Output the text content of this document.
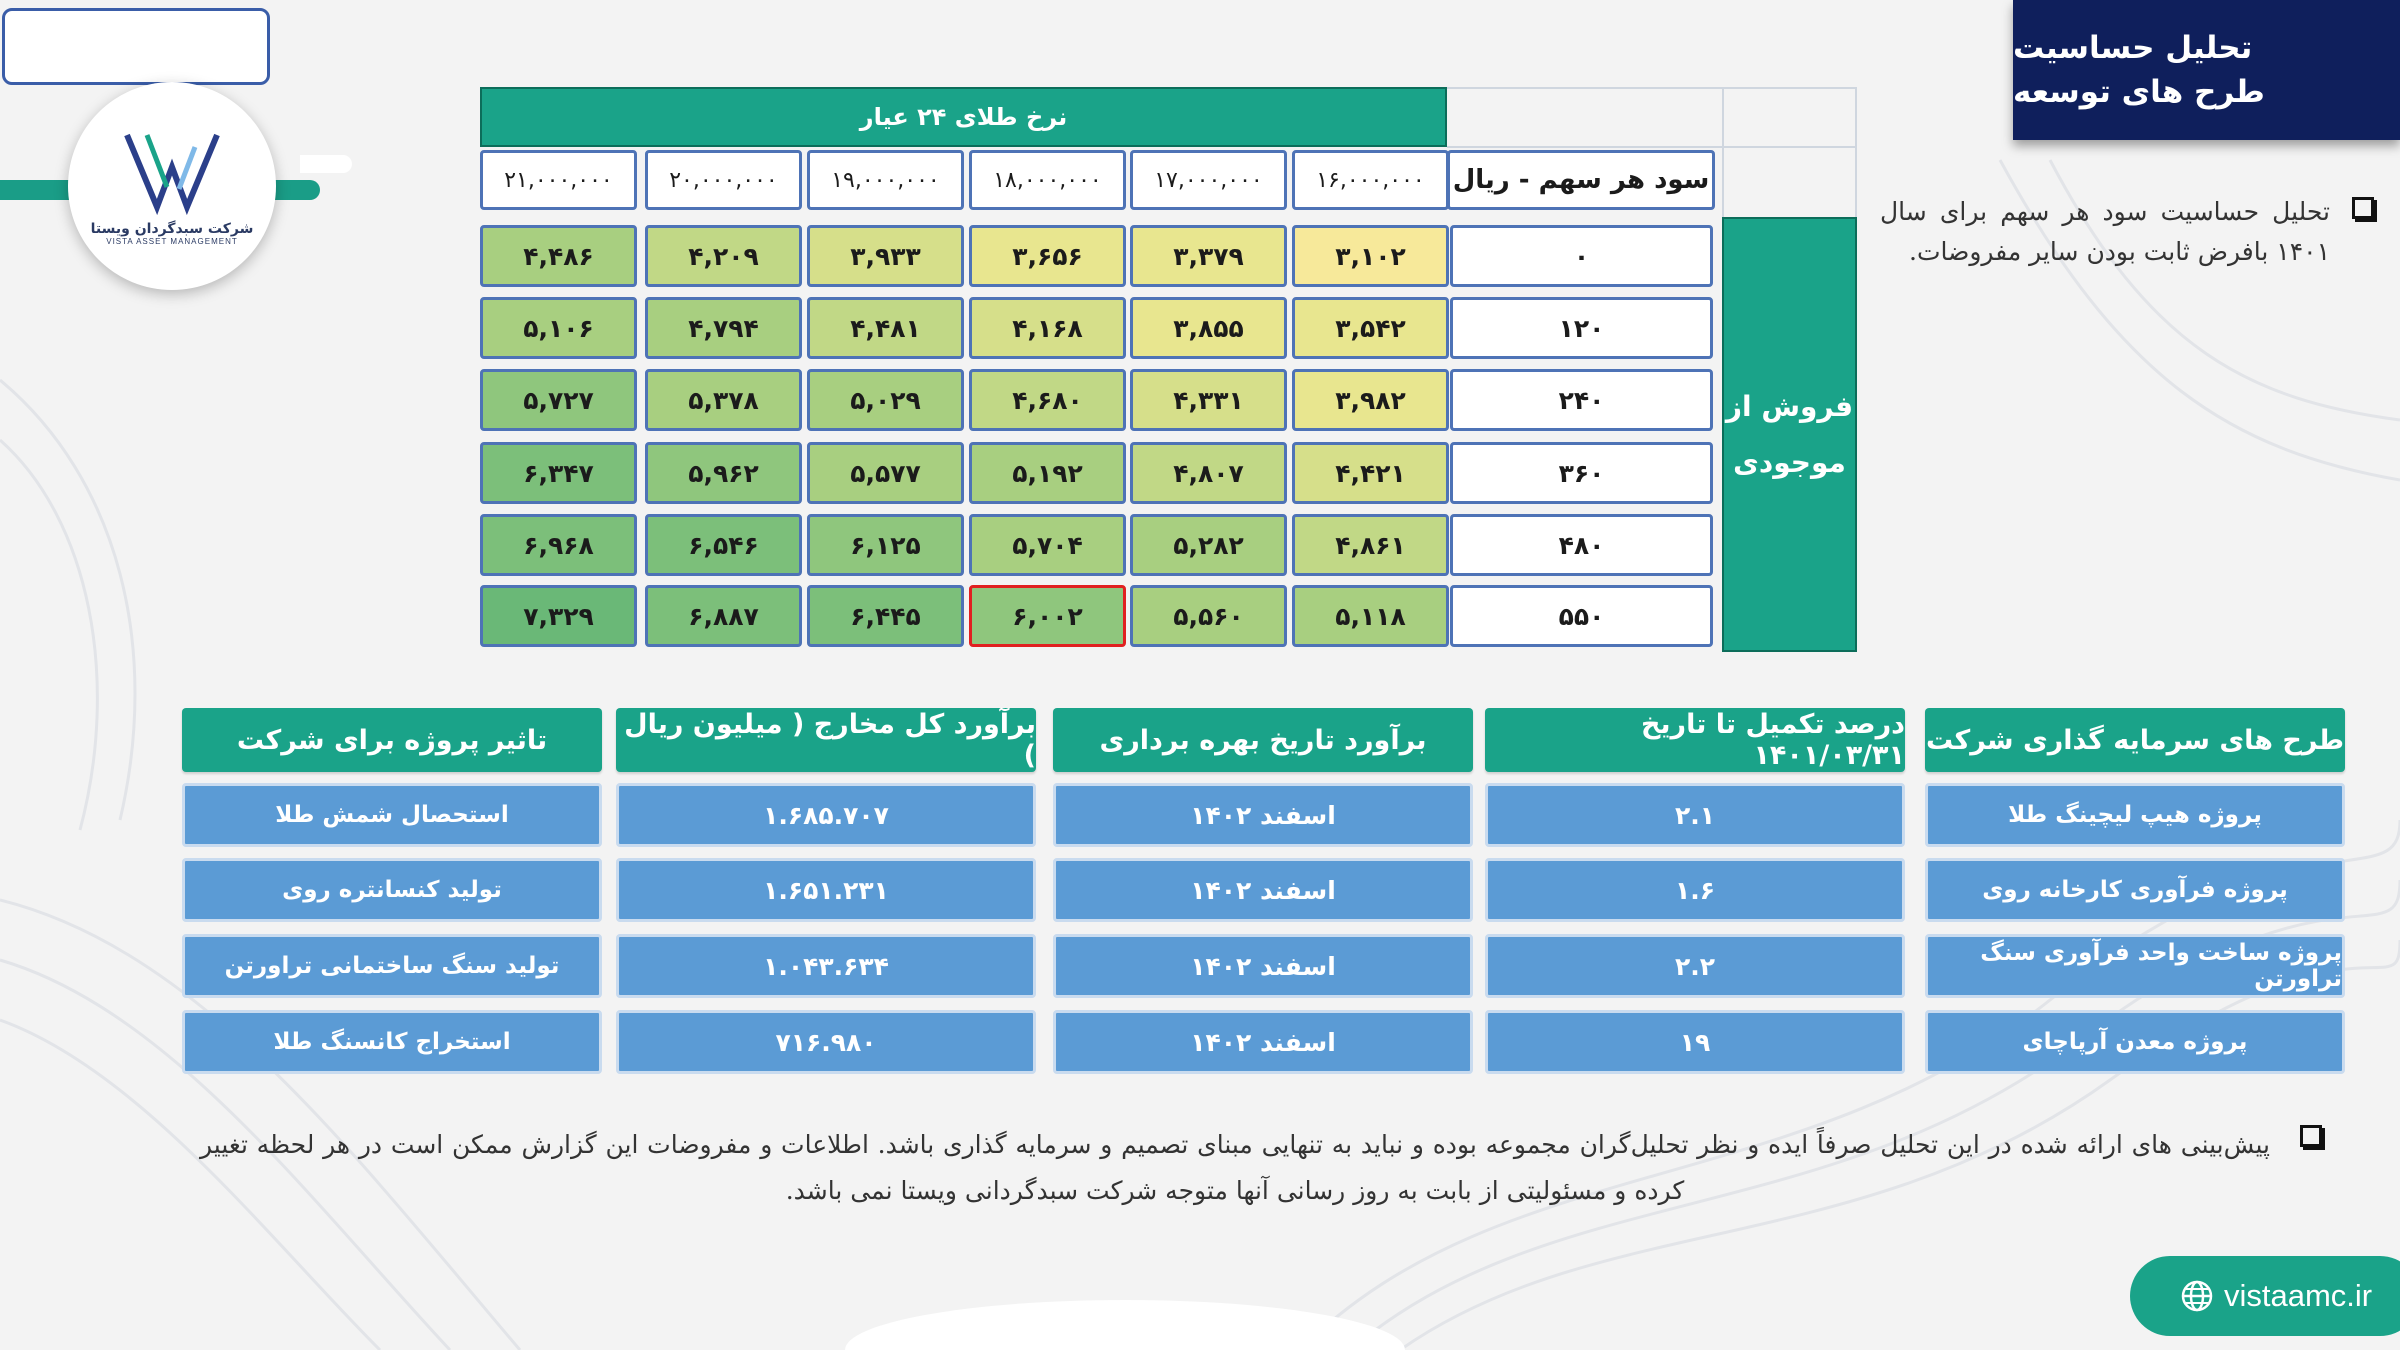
شرکت سبدگردان ویستا
VISTA ASSET MANAGEMENT
تحلیل حساسیت
طرح های توسعه
تحلیل حساسیت سود هر سهم برای سال ۱۴۰۱ بافرض ثابت بودن سایر مفروضات.
نرخ طلای ۲۴ عیار
فروش از
موجودی
سود هر سهم - ریال
۱۶,۰۰۰,۰۰۰
۱۷,۰۰۰,۰۰۰
۱۸,۰۰۰,۰۰۰
۱۹,۰۰۰,۰۰۰
۲۰,۰۰۰,۰۰۰
۲۱,۰۰۰,۰۰۰
۰
۳,۱۰۲
۳,۳۷۹
۳,۶۵۶
۳,۹۳۳
۴,۲۰۹
۴,۴۸۶
۱۲۰
۳,۵۴۲
۳,۸۵۵
۴,۱۶۸
۴,۴۸۱
۴,۷۹۴
۵,۱۰۶
۲۴۰
۳,۹۸۲
۴,۳۳۱
۴,۶۸۰
۵,۰۲۹
۵,۳۷۸
۵,۷۲۷
۳۶۰
۴,۴۲۱
۴,۸۰۷
۵,۱۹۲
۵,۵۷۷
۵,۹۶۲
۶,۳۴۷
۴۸۰
۴,۸۶۱
۵,۲۸۲
۵,۷۰۴
۶,۱۲۵
۶,۵۴۶
۶,۹۶۸
۵۵۰
۵,۱۱۸
۵,۵۶۰
۶,۰۰۲
۶,۴۴۵
۶,۸۸۷
۷,۳۲۹
طرح های سرمایه گذاری شرکت
درصد تکمیل تا تاریخ ۱۴۰۱/۰۳/۳۱
برآورد تاریخ بهره برداری
برآورد کل مخارج ( میلیون ریال )
تاثیر پروژه برای شرکت
پروژه هیپ لیچینگ طلا
۲.۱
اسفند ۱۴۰۲
۱.۶۸۵.۷۰۷
استحصال شمش طلا
پروژه فرآوری کارخانه روی
۱.۶
اسفند ۱۴۰۲
۱.۶۵۱.۲۳۱
تولید کنسانتره روی
پروژه ساخت واحد فرآوری سنگ تراورتن
۲.۲
اسفند ۱۴۰۲
۱.۰۴۳.۶۳۴
تولید سنگ ساختمانی تراورتن
پروژه معدن آرپاچای
۱۹
اسفند ۱۴۰۲
۷۱۶.۹۸۰
استخراج کانسنگ طلا
پیش‌بینی های ارائه شده در این تحلیل صرفاً ایده و نظر تحلیل‌گران مجموعه بوده و نباید به تنهایی مبنای تصمیم و سرمایه گذاری باشد. اطلاعات و مفروضات این گزارش ممکن است در هر لحظه تغییر کرده و مسئولیتی از بابت به روز رسانی آنها متوجه شرکت سبدگردانی ویستا نمی باشد.
vistaamc.ir
